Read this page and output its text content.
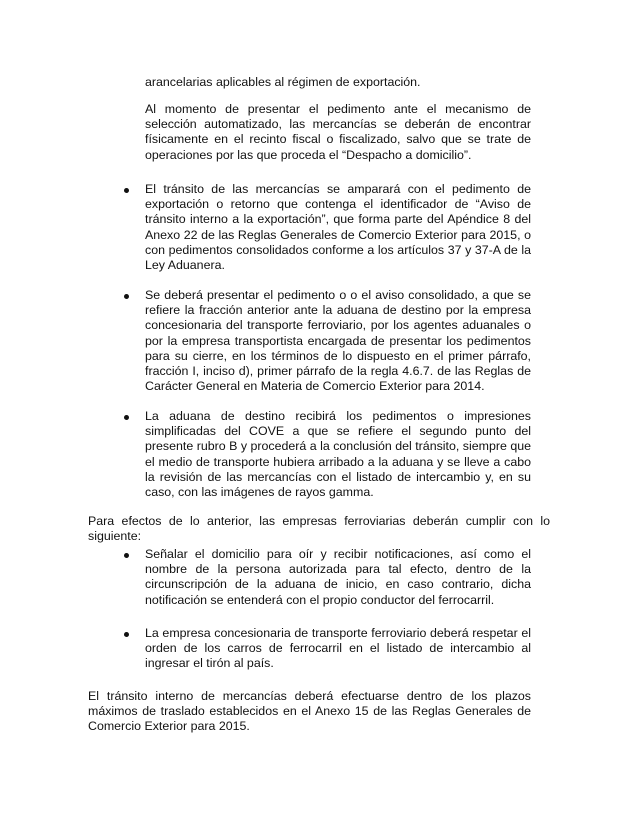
arancelarias aplicables al régimen de exportación.

Al momento de presentar el pedimento ante el mecanismo de selección automatizado, las mercancías se deberán de encontrar físicamente en el recinto fiscal o fiscalizado, salvo que se trate de operaciones por las que proceda el “Despacho a domicilio”.

El tránsito de las mercancías se amparará con el pedimento de exportación o retorno que contenga el identificador de “Aviso de tránsito interno a la exportación”, que forma parte del Apéndice 8 del Anexo 22 de las Reglas Generales de Comercio Exterior para 2015, o con pedimentos consolidados conforme a los artículos 37 y 37-A de la Ley Aduanera.

Se deberá presentar el pedimento o o el aviso consolidado, a que se refiere la fracción anterior ante la aduana de destino por la empresa concesionaria del transporte ferroviario, por los agentes aduanales o por la empresa transportista encargada de presentar los pedimentos para su cierre, en los términos de lo dispuesto en el primer párrafo, fracción I, inciso d), primer párrafo de la regla 4.6.7. de las Reglas de Carácter General en Materia de Comercio Exterior para 2014.

La aduana de destino recibirá los pedimentos o impresiones simplificadas del COVE a que se refiere el segundo punto del presente rubro B y procederá a la conclusión del tránsito, siempre que el medio de transporte hubiera arribado a la aduana y se lleve a cabo la revisión de las mercancías con el listado de intercambio y, en su caso, con las imágenes de rayos gamma.

Para efectos de lo anterior, las empresas ferroviarias deberán cumplir con lo siguiente:

Señalar el domicilio para oír y recibir notificaciones, así como el nombre de la persona autorizada para tal efecto, dentro de la circunscripción de la aduana de inicio, en caso contrario, dicha notificación se entenderá con el propio conductor del ferrocarril.

La empresa concesionaria de transporte ferroviario deberá respetar el orden de los carros de ferrocarril en el listado de intercambio al ingresar el tirón al país.

El tránsito interno de mercancías deberá efectuarse dentro de los plazos máximos de traslado establecidos en el Anexo 15 de las Reglas Generales de Comercio Exterior para 2015.
